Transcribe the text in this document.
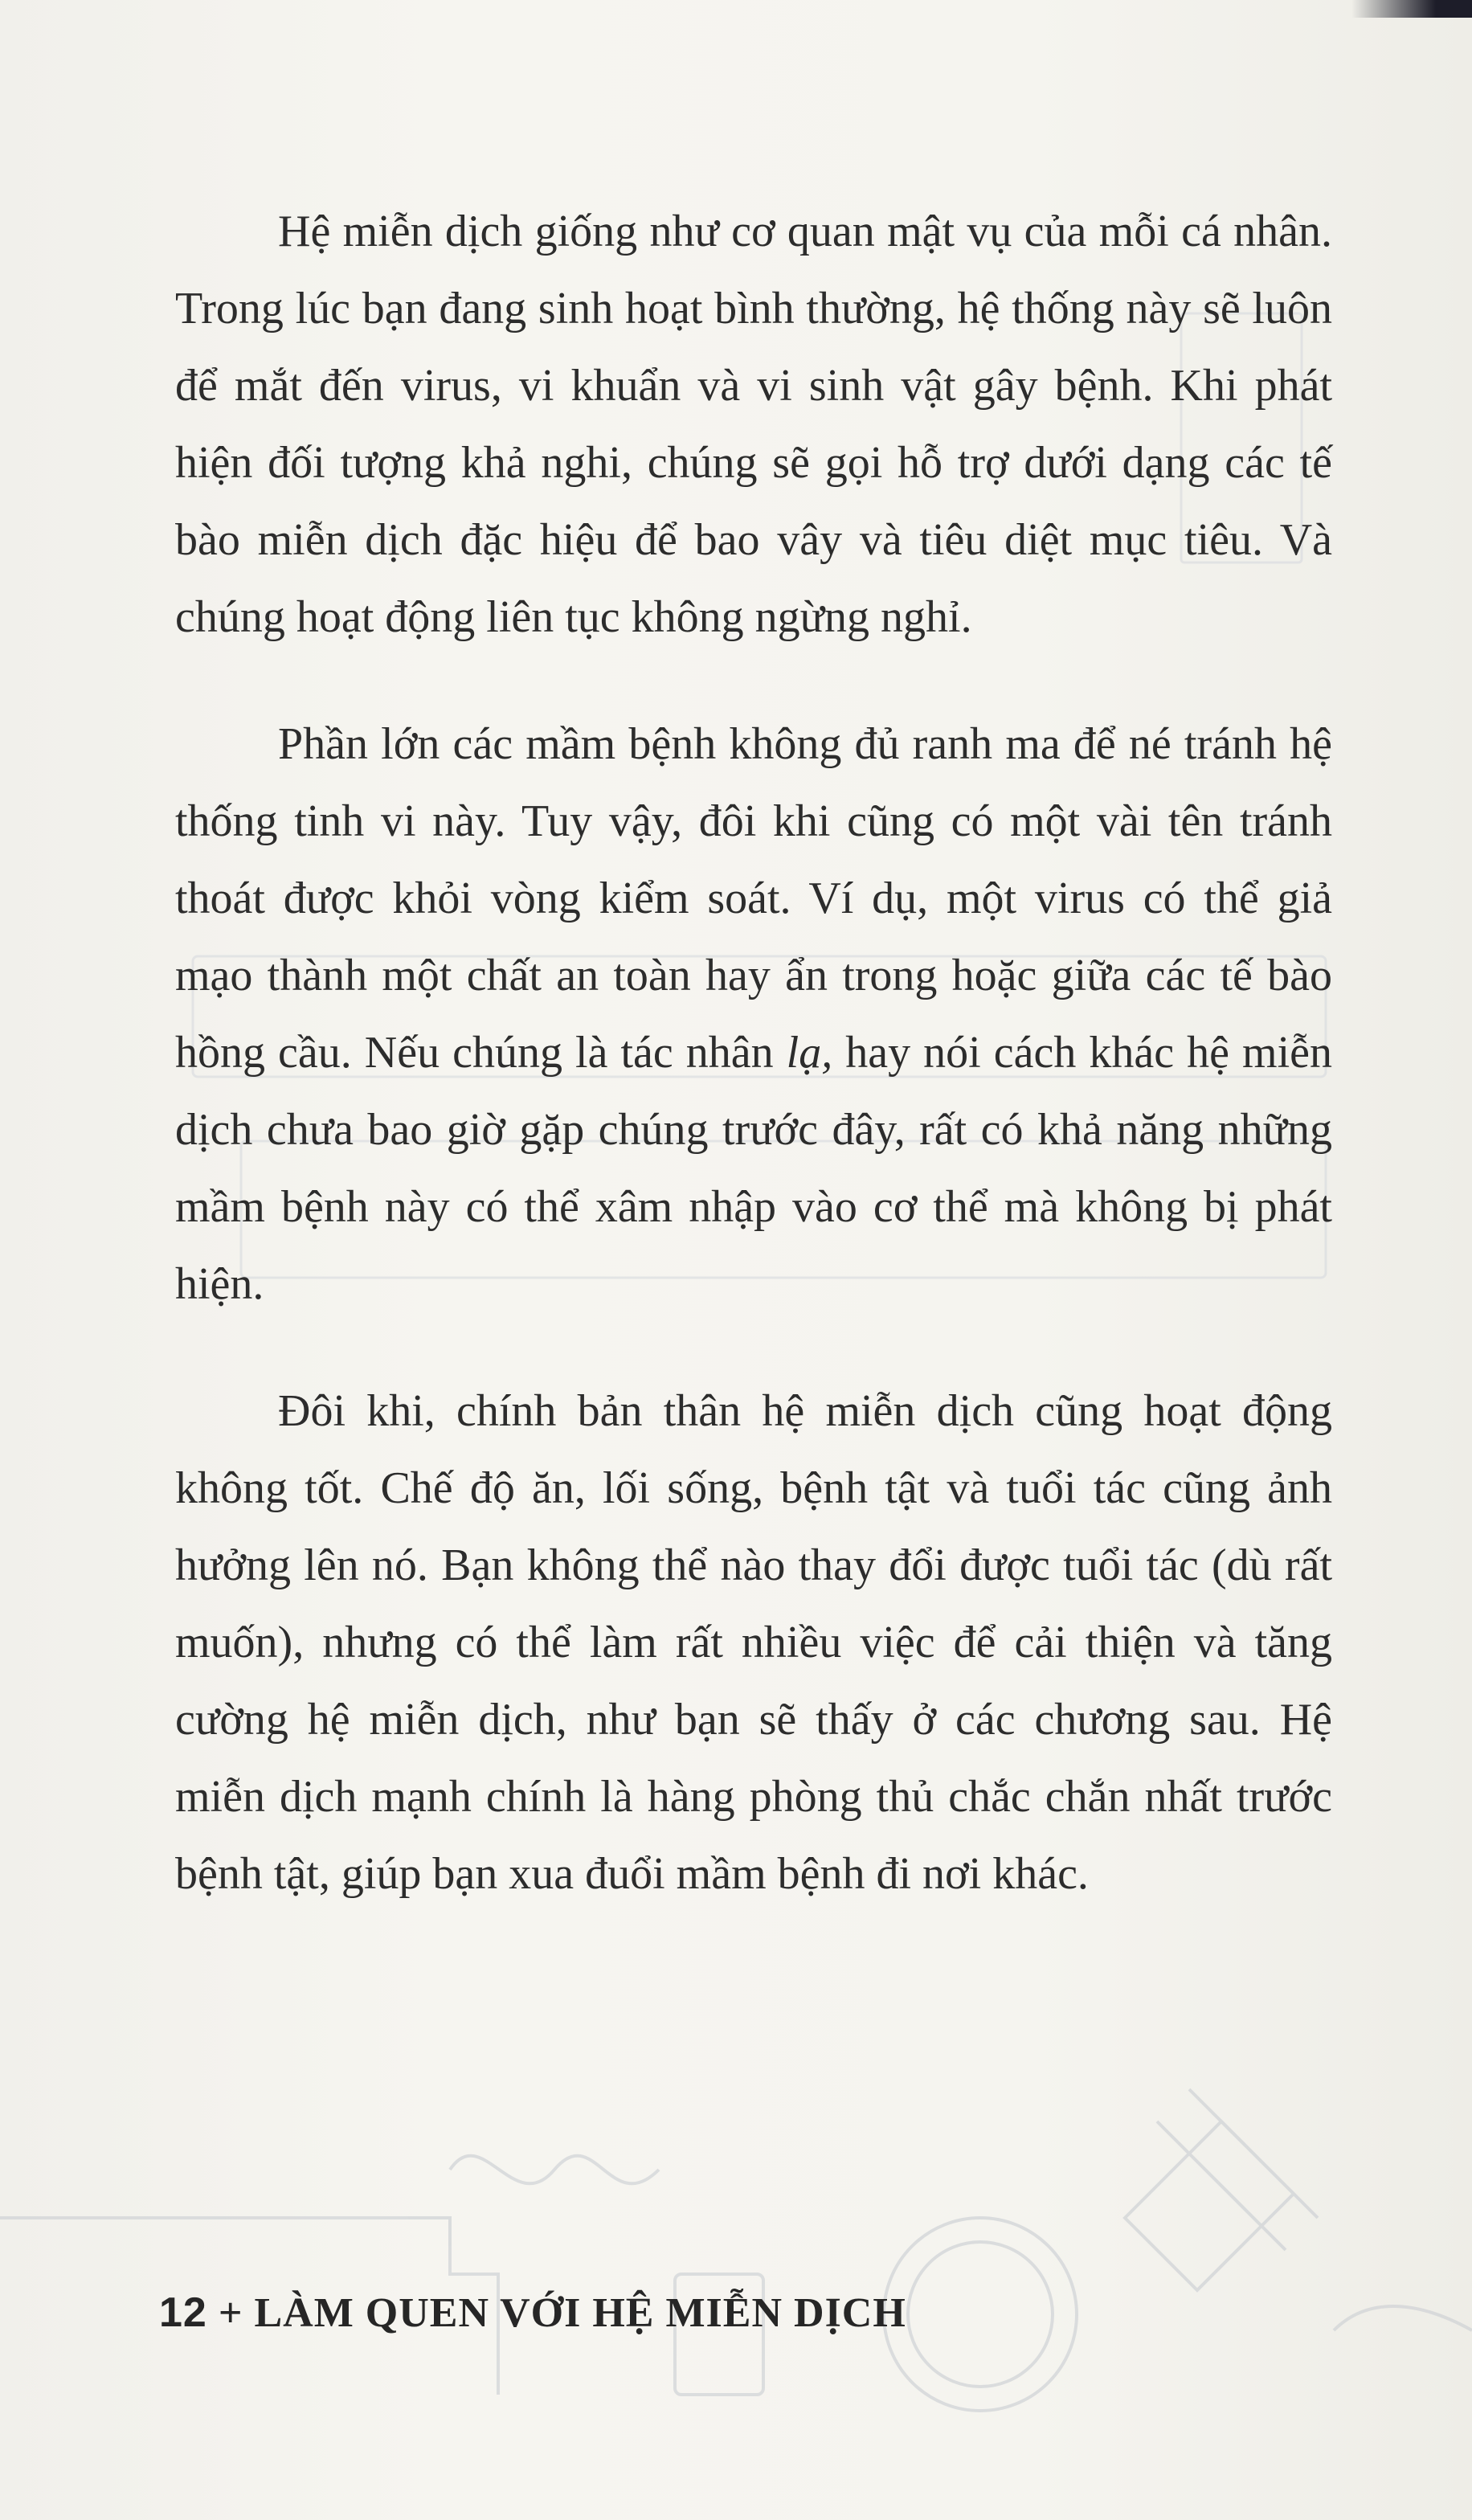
Hệ miễn dịch giống như cơ quan mật vụ của mỗi cá nhân. Trong lúc bạn đang sinh hoạt bình thường, hệ thống này sẽ luôn để mắt đến virus, vi khuẩn và vi sinh vật gây bệnh. Khi phát hiện đối tượng khả nghi, chúng sẽ gọi hỗ trợ dưới dạng các tế bào miễn dịch đặc hiệu để bao vây và tiêu diệt mục tiêu. Và chúng hoạt động liên tục không ngừng nghỉ.

Phần lớn các mầm bệnh không đủ ranh ma để né tránh hệ thống tinh vi này. Tuy vậy, đôi khi cũng có một vài tên tránh thoát được khỏi vòng kiểm soát. Ví dụ, một virus có thể giả mạo thành một chất an toàn hay ẩn trong hoặc giữa các tế bào hồng cầu. Nếu chúng là tác nhân lạ, hay nói cách khác hệ miễn dịch chưa bao giờ gặp chúng trước đây, rất có khả năng những mầm bệnh này có thể xâm nhập vào cơ thể mà không bị phát hiện.

Đôi khi, chính bản thân hệ miễn dịch cũng hoạt động không tốt. Chế độ ăn, lối sống, bệnh tật và tuổi tác cũng ảnh hưởng lên nó. Bạn không thể nào thay đổi được tuổi tác (dù rất muốn), nhưng có thể làm rất nhiều việc để cải thiện và tăng cường hệ miễn dịch, như bạn sẽ thấy ở các chương sau. Hệ miễn dịch mạnh chính là hàng phòng thủ chắc chắn nhất trước bệnh tật, giúp bạn xua đuổi mầm bệnh đi nơi khác.

12 + LÀM QUEN VỚI HỆ MIỄN DỊCH
